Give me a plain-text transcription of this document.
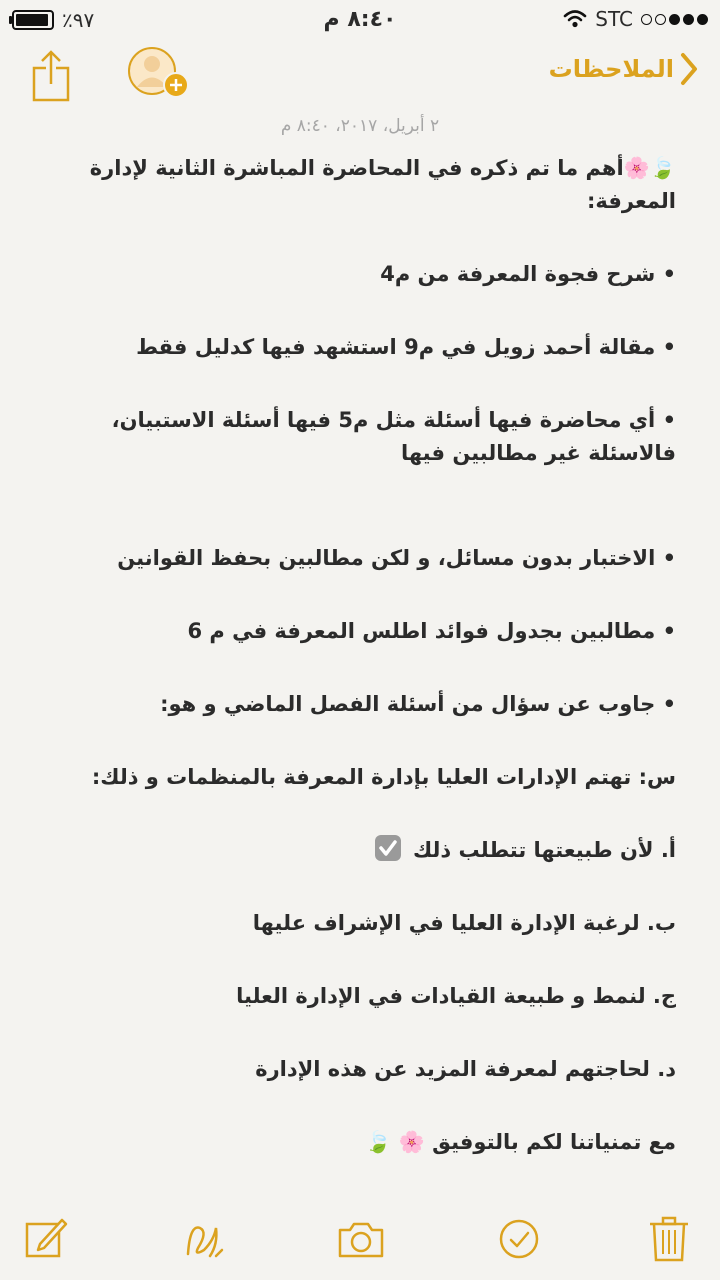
٪٩٧	٨:٤٠ م	STC
الملاحظات
٢ أبريل، ٢٠١٧، ٨:٤٠ م

🍃🌸أهم ما تم ذكره في المحاضرة المباشرة الثانية لإدارة المعرفة:

• شرح فجوة المعرفة من م4

• مقالة أحمد زويل في م9 استشهد فيها كدليل فقط

• أي محاضرة فيها أسئلة مثل م5 فيها أسئلة الاستبيان، فالاسئلة غير مطالبين فيها

• الاختبار بدون مسائل، و لكن مطالبين بحفظ القوانين

• مطالبين بجدول فوائد اطلس المعرفة في م 6

• جاوب عن سؤال من أسئلة الفصل الماضي و هو:

س: تهتم الإدارات العليا بإدارة المعرفة بالمنظمات و ذلك:

أ. لأن طبيعتها تتطلب ذلك

ب. لرغبة الإدارة العليا في الإشراف عليها

ج. لنمط و طبيعة القيادات في الإدارة العليا

د. لحاجتهم لمعرفة المزيد عن هذه الإدارة

مع تمنياتنا لكم بالتوفيق 🌸 🍃
